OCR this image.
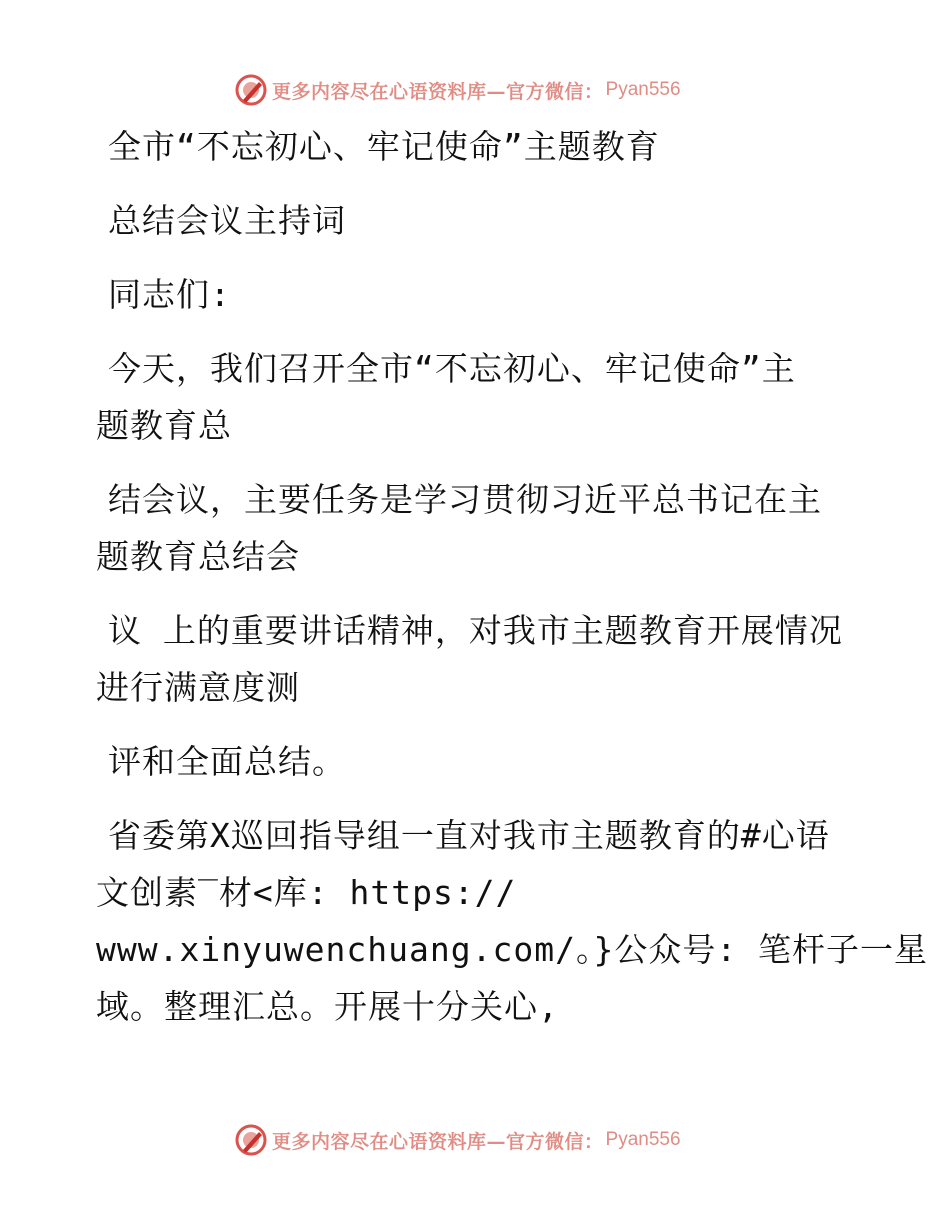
更多内容尽在心语资料库—官方微信： Pyan556
全市“不忘初心、牢记使命”主题教育
总结会议主持词
同志们:
今天，我们召开全市“不忘初心、牢记使命”主
题教育总
结会议，主要任务是学习贯彻习近平总书记在主
题教育总结会
议 上的重要讲话精神，对我市主题教育开展情况
进行满意度测
评和全面总结。
省委第X巡回指导组一直对我市主题教育的#心语
文创素‾材<库: https://
www.xinyuwenchuang.com/。}公众号: 笔杆子一星
域。整理汇总。开展十分关心,
更多内容尽在心语资料库—官方微信： Pyan556
